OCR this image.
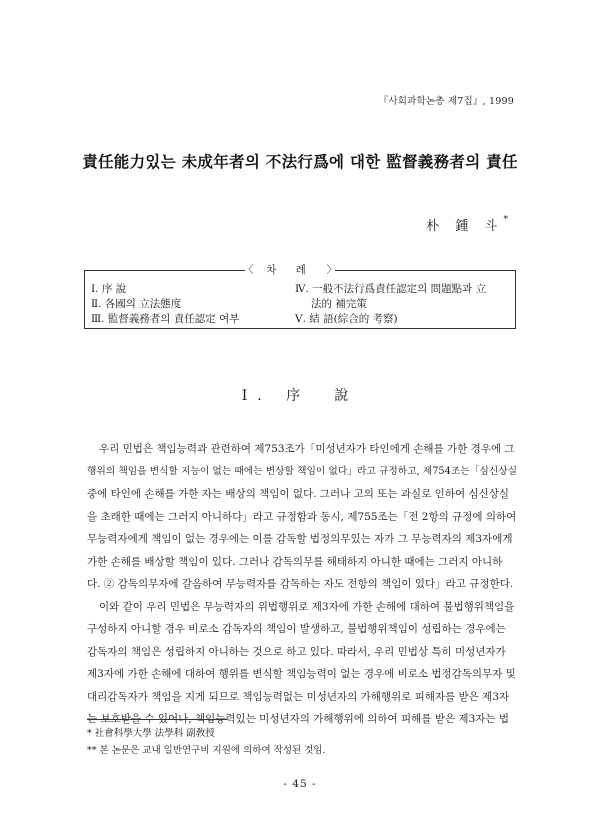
『사회과학논총 제7집』, 1999
責任能力있는 未成年者의 不法行爲에 대한 監督義務者의 責任
朴 鍾 斗*
〈 차 례 〉
Ⅰ. 序 說
Ⅱ. 各國의 立法態度
Ⅲ. 監督義務者의 責任認定 여부
Ⅳ. 一般不法行爲責任認定의 問題點과 立
法的 補完策
Ⅴ. 結 語(綜合的 考察)
Ⅰ. 序　說
우리 민법은 책임능력과 관련하여 제753조가「미성년자가 타인에게 손해를 가한 경우에 그
행위의 책임을 변식할 지능이 없는 때에는 변상할 책임이 없다」라고 규정하고, 제754조는「심신상실
중에 타인에 손해를 가한 자는 배상의 책임이 없다. 그러나 고의 또는 과실로 인하여 심신상실
을 초래한 때에는 그러지 아니하다」라고 규정함과 동시, 제755조는「전 2항의 규정에 의하여
무능력자에게 책임이 없는 경우에는 이를 감독할 법정의무있는 자가 그 무능력자의 제3자에게
가한 손해를 배상할 책임이 있다. 그러나 감독의무를 해태하지 아니한 때에는 그러지 아니하
다. ② 감독의무자에 갈음하여 무능력자를 감독하는 자도 전항의 책임이 있다」라고 규정한다.
이와 같이 우리 민법은 무능력자의 위법행위로 제3자에 가한 손해에 대하여 불법행위책임을
구성하지 아니할 경우 비로소 감독자의 책임이 발생하고, 불법행위책임이 성립하는 경우에는
감독자의 책임은 성립하지 아니하는 것으로 하고 있다. 따라서, 우리 민법상 특히 미성년자가
제3자에 가한 손해에 대하여 행위를 변식할 책임능력이 없는 경우에 비로소 법정감독의무자 및
대리감독자가 책임을 지게 되므로 책임능력없는 미성년자의 가해행위로 피해자를 받은 제3자
는 보호받을 수 있어나, 책임능력있는 미성년자의 가해행위에 의하여 피해를 받은 제3자는 법
* 社會科學大學 法學科 副敎授
** 본 논문은 교내 일반연구비 지원에 의하여 작성된 것임.
- 45 -
